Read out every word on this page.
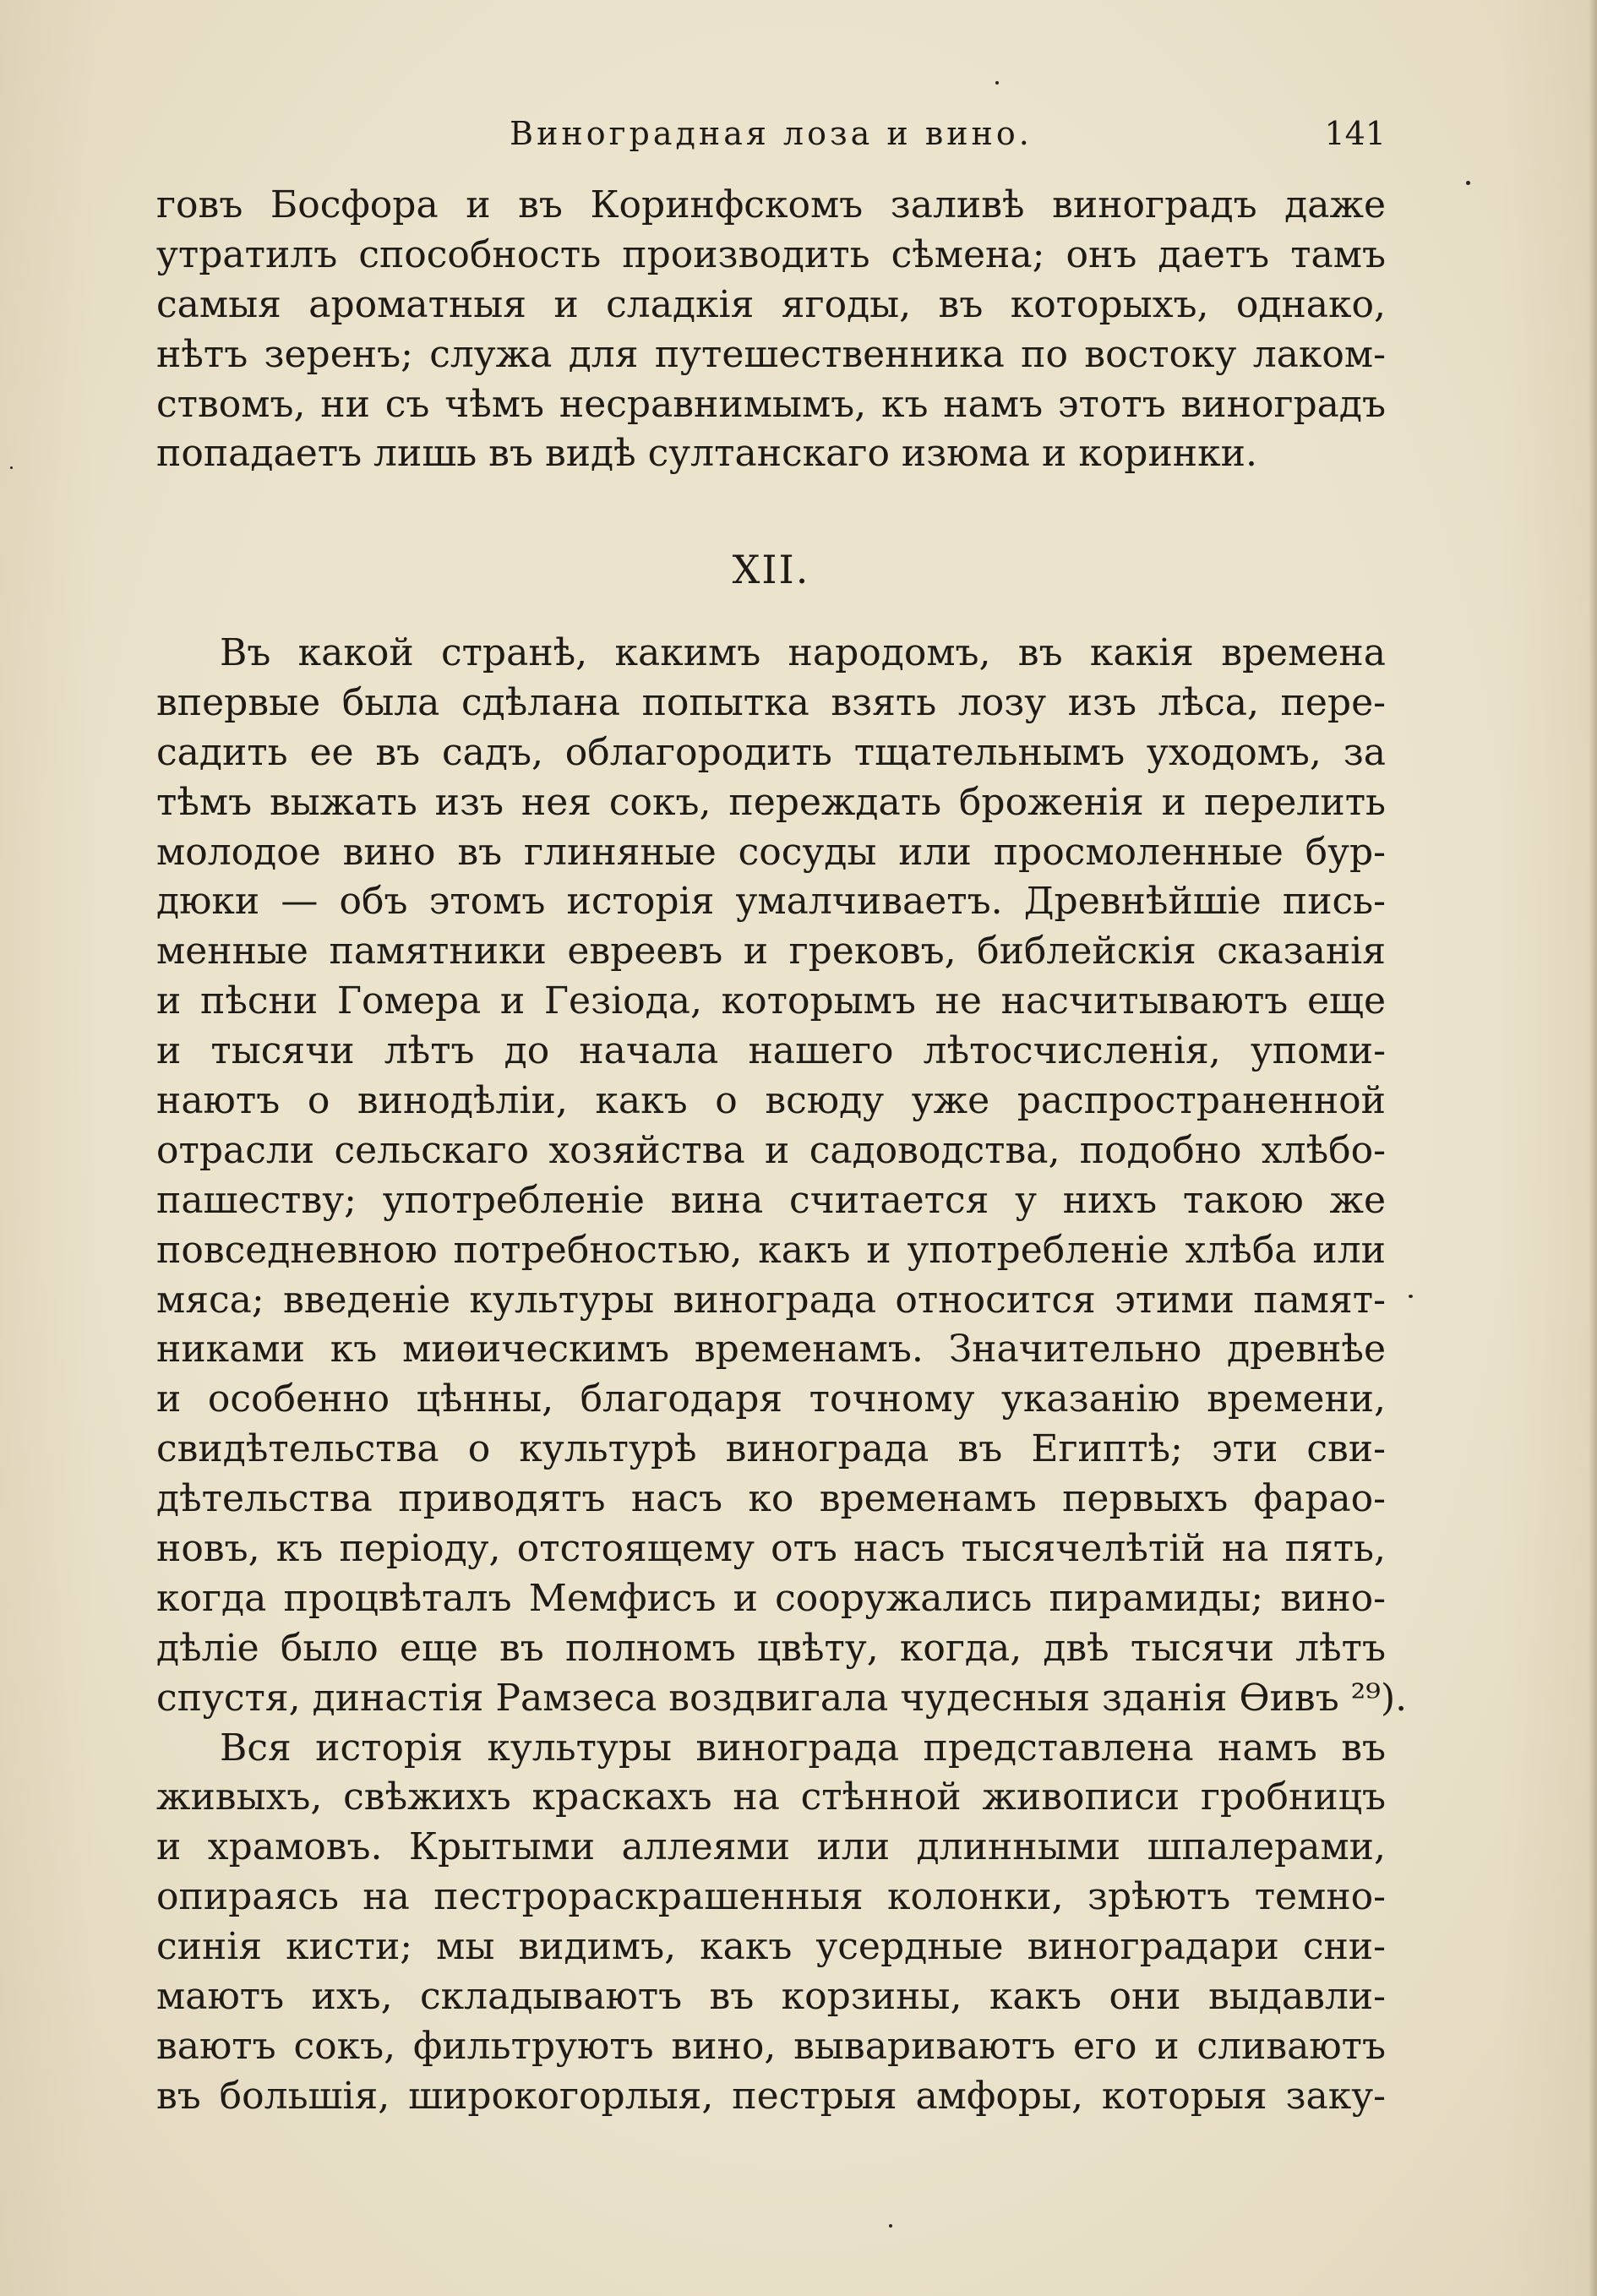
Виноградная лоза и вино.	141
говъ Босфора и въ Коринфскомъ заливѣ виноградъ даже
утратилъ способность производить сѣмена; онъ даетъ тамъ
самыя ароматныя и сладкія ягоды, въ которыхъ, однако,
нѣтъ зеренъ; служа для путешественника по востоку лаком-
ствомъ, ни съ чѣмъ несравнимымъ, къ намъ этотъ виноградъ
попадаетъ лишь въ видѣ султанскаго изюма и коринки.
XII.
Въ какой странѣ, какимъ народомъ, въ какія времена
впервые была сдѣлана попытка взять лозу изъ лѣса, пере-
садить ее въ садъ, облагородить тщательнымъ уходомъ, за
тѣмъ выжать изъ нея сокъ, переждать броженія и перелить
молодое вино въ глиняные сосуды или просмоленные бур-
дюки — объ этомъ исторія умалчиваетъ. Древнѣйшіе пись-
менные памятники евреевъ и грековъ, библейскія сказанія
и пѣсни Гомера и Гезіода, которымъ не насчитываютъ еще
и тысячи лѣтъ до начала нашего лѣтосчисленія, упоми-
наютъ о винодѣліи, какъ о всюду уже распространенной
отрасли сельскаго хозяйства и садоводства, подобно хлѣбо-
пашеству; употребленіе вина считается у нихъ такою же
повседневною потребностью, какъ и употребленіе хлѣба или
мяса; введеніе культуры винограда относится этими памят-
никами къ миѳическимъ временамъ. Значительно древнѣе
и особенно цѣнны, благодаря точному указанію времени,
свидѣтельства о культурѣ винограда въ Египтѣ; эти сви-
дѣтельства приводятъ насъ ко временамъ первыхъ фарао-
новъ, къ періоду, отстоящему отъ насъ тысячелѣтій на пять,
когда процвѣталъ Мемфисъ и сооружались пирамиды; вино-
дѣліе было еще въ полномъ цвѣту, когда, двѣ тысячи лѣтъ
спустя, династія Рамзеса воздвигала чудесныя зданія Ѳивъ ²⁹).
Вся исторія культуры винограда представлена намъ въ
живыхъ, свѣжихъ краскахъ на стѣнной живописи гробницъ
и храмовъ. Крытыми аллеями или длинными шпалерами,
опираясь на пестрораскрашенныя колонки, зрѣютъ темно-
синія кисти; мы видимъ, какъ усердные виноградари сни-
маютъ ихъ, складываютъ въ корзины, какъ они выдавли-
ваютъ сокъ, фильтруютъ вино, вывариваютъ его и сливаютъ
въ большія, широкогорлыя, пестрыя амфоры, которыя заку-
